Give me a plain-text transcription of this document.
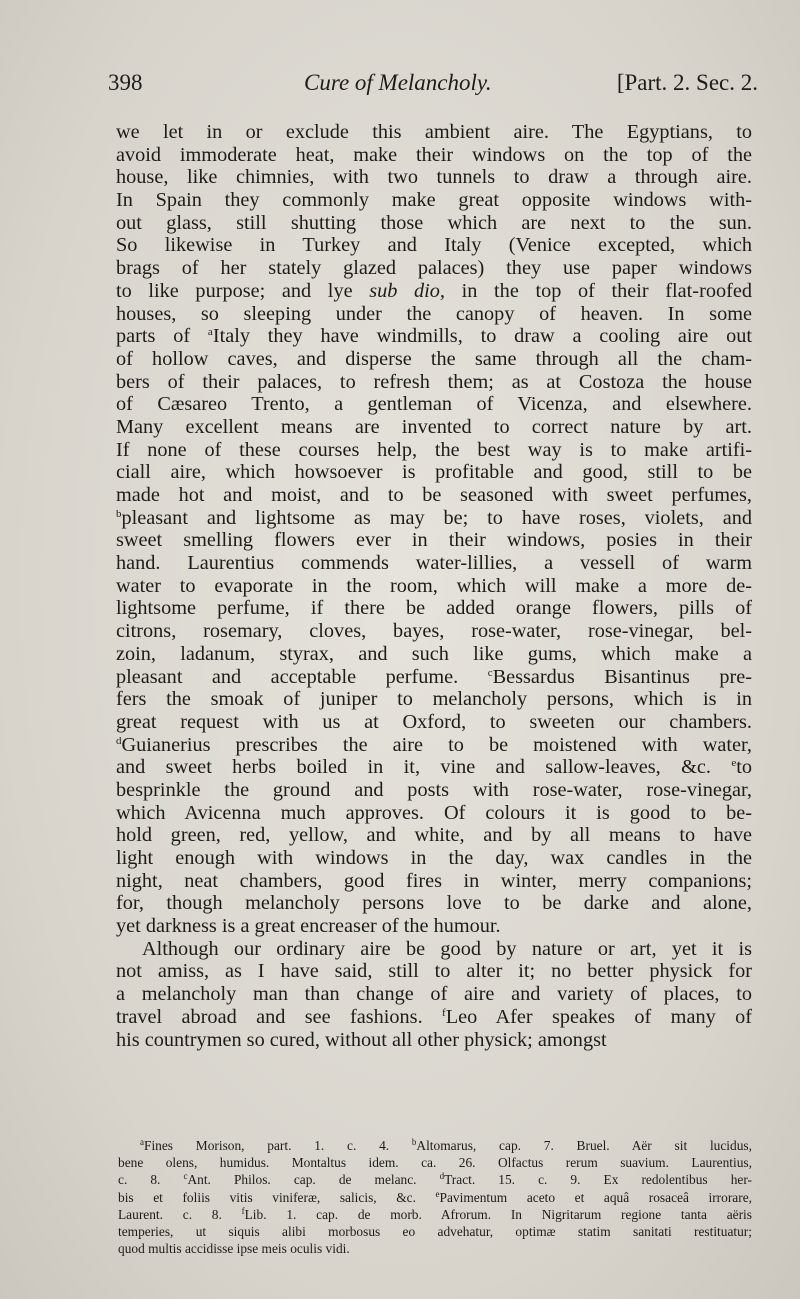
398	Cure of Melancholy.	[Part. 2. Sec. 2.
we let in or exclude this ambient aire. The Egyptians, to
avoid immoderate heat, make their windows on the top of the
house, like chimnies, with two tunnels to draw a through aire.
In Spain they commonly make great opposite windows with-
out glass, still shutting those which are next to the sun.
So likewise in Turkey and Italy (Venice excepted, which
brags of her stately glazed palaces) they use paper windows
to like purpose; and lye sub dio, in the top of their flat-roofed
houses, so sleeping under the canopy of heaven. In some
parts of $^a$Italy they have windmills, to draw a cooling aire out
of hollow caves, and disperse the same through all the cham-
bers of their palaces, to refresh them; as at Costoza the house
of Cæsareo Trento, a gentleman of Vicenza, and elsewhere.
Many excellent means are invented to correct nature by art.
If none of these courses help, the best way is to make artifi-
ciall aire, which howsoever is profitable and good, still to be
made hot and moist, and to be seasoned with sweet perfumes,
$^b$pleasant and lightsome as may be; to have roses, violets, and
sweet smelling flowers ever in their windows, posies in their
hand. Laurentius commends water-lillies, a vessell of warm
water to evaporate in the room, which will make a more de-
lightsome perfume, if there be added orange flowers, pills of
citrons, rosemary, cloves, bayes, rose-water, rose-vinegar, bel-
zoin, ladanum, styrax, and such like gums, which make a
pleasant and acceptable perfume. $^c$Bessardus Bisantinus pre-
fers the smoak of juniper to melancholy persons, which is in
great request with us at Oxford, to sweeten our chambers.
$^d$Guianerius prescribes the aire to be moistened with water,
and sweet herbs boiled in it, vine and sallow-leaves, &c. $^e$to
besprinkle the ground and posts with rose-water, rose-vinegar,
which Avicenna much approves. Of colours it is good to be-
hold green, red, yellow, and white, and by all means to have
light enough with windows in the day, wax candles in the
night, neat chambers, good fires in winter, merry companions;
for, though melancholy persons love to be darke and alone,
yet darkness is a great encreaser of the humour.
Although our ordinary aire be good by nature or art, yet it is
not amiss, as I have said, still to alter it; no better physick for
a melancholy man than change of aire and variety of places, to
travel abroad and see fashions. $^f$Leo Afer speakes of many of
his countrymen so cured, without all other physick; amongst
$^a$Fines Morison, part. 1. c. 4. $^b$Altomarus, cap. 7. Bruel. Aër sit lucidus,
bene olens, humidus. Montaltus idem. ca. 26. Olfactus rerum suavium. Laurentius,
c. 8. $^c$Ant. Philos. cap. de melanc. $^d$Tract. 15. c. 9. Ex redolentibus her-
bis et foliis vitis viniferæ, salicis, &c. $^e$Pavimentum aceto et aquâ rosaceâ irrorare,
Laurent. c. 8. $^f$Lib. 1. cap. de morb. Afrorum. In Nigritarum regione tanta aëris
temperies, ut siquis alibi morbosus eo advehatur, optimæ statim sanitati restituatur;
quod multis accidisse ipse meis oculis vidi.
